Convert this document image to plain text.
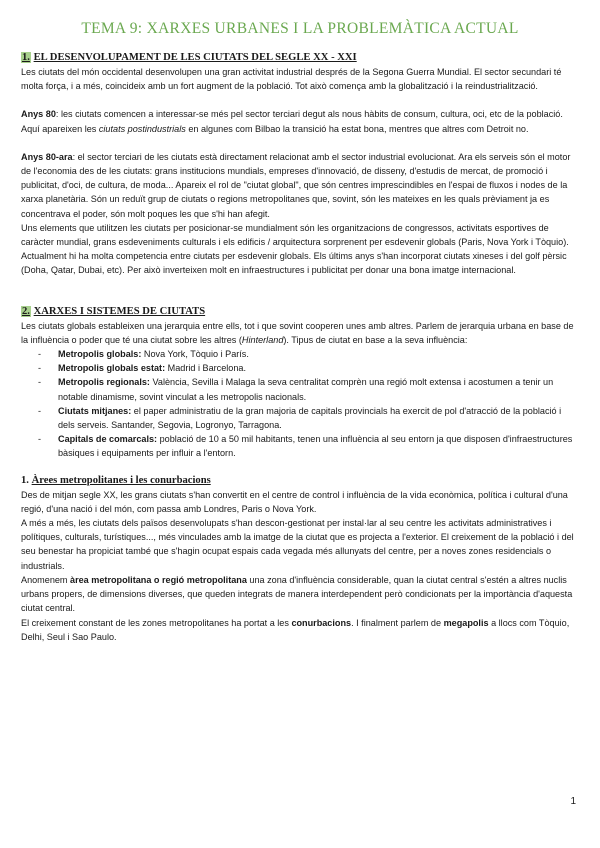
TEMA 9: XARXES URBANES I LA PROBLEMÀTICA ACTUAL
1. EL DESENVOLUPAMENT DE LES CIUTATS DEL SEGLE XX - XXI

Les ciutats del món occidental desenvolupen una gran activitat industrial després de la Segona Guerra Mundial. El sector secundari té molta força, i a més, coincideix amb un fort augment de la població. Tot això comença amb la globalització i la reindustrialització.

Anys 80: les ciutats comencen a interessar-se més pel sector terciari degut als nous hàbits de consum, cultura, oci, etc de la població. Aquí apareixen les ciutats postindustrials en algunes com Bilbao la transició ha estat bona, mentres que altres com Detroit no.

Anys 80-ara: el sector terciari de les ciutats està directament relacionat amb el sector industrial evolucionat. Ara els serveis són el motor de l'economia des de les ciutats: grans institucions mundials, empreses d'innovació, de disseny, d'estudis de mercat, de promoció i publicitat, d'oci, de cultura, de moda... Apareix el rol de "ciutat global", que són centres imprescindibles en l'espai de fluxos i nodes de la xarxa planetària. Són un reduït grup de ciutats o regions metropolitanes que, sovint, són les mateixes en les quals prèviament ja es concentrava el poder, són molt poques les que s'hi han afegit.

Uns elements que utilitzen les ciutats per posicionar-se mundialment són les organitzacions de congressos, activitats esportives de caràcter mundial, grans esdeveniments culturals i els edificis / arquitectura sorprenent per esdevenir globals (Paris, Nova York i Tòquio).

Actualment hi ha molta competencia entre ciutats per esdevenir globals. Els últims anys s'han incorporat ciutats xineses i del golf pèrsic (Doha, Qatar, Dubai, etc). Per això inverteixen molt en infraestructures i publicitat per donar una bona imatge internacional.

2. XARXES I SISTEMES DE CIUTATS

Les ciutats globals estableixen una jerarquia entre ells, tot i que sovint cooperen unes amb altres. Parlem de jerarquia urbana en base de la influència o poder que té una ciutat sobre les altres (Hinterland). Tipus de ciutat en base a la seva influència:

- Metropolis globals: Nova York, Tòquio i París.
- Metropolis globals estat: Madrid i Barcelona.
- Metropolis regionals: València, Sevilla i Malaga la seva centralitat comprèn una regió molt extensa i acostumen a tenir un notable dinamisme, sovint vinculat a les metropolis nacionals.
- Ciutats mitjanes: el paper administratiu de la gran majoria de capitals provincials ha exercit de pol d'atracció de la població i dels serveis. Santander, Segovia, Logronyo, Tarragona.
- Capitals de comarcals: població de 10 a 50 mil habitants, tenen una influència al seu entorn ja que disposen d'infraestructures bàsiques i equipaments per influir a l'entorn.
1. Àrees metropolitanes i les conurbacions

Des de mitjan segle XX, les grans ciutats s'han convertit en el centre de control i influència de la vida econòmica, política i cultural d'una regió, d'una nació i del món, com passa amb Londres, Paris o Nova York.

A més a més, les ciutats dels països desenvolupats s'han descon-gestionat per instal·lar al seu centre les activitats administratives i polítiques, culturals, turístiques..., més vinculades amb la imatge de la ciutat que es projecta a l'exterior. El creixement de la població i del seu benestar ha propiciat també que s'hagin ocupat espais cada vegada més allunyats del centre, per a noves zones residencials o industrials.

Anomenem àrea metropolitana o regió metropolitana una zona d'influència considerable, quan la ciutat central s'estén a altres nuclis urbans propers, de dimensions diverses, que queden integrats de manera interdependent però condicionats per la importància d'aquesta ciutat central.

El creixement constant de les zones metropolitanes ha portat a les conurbacions. I finalment parlem de megapolis a llocs com Tòquio, Delhi, Seul i Sao Paulo.

1
